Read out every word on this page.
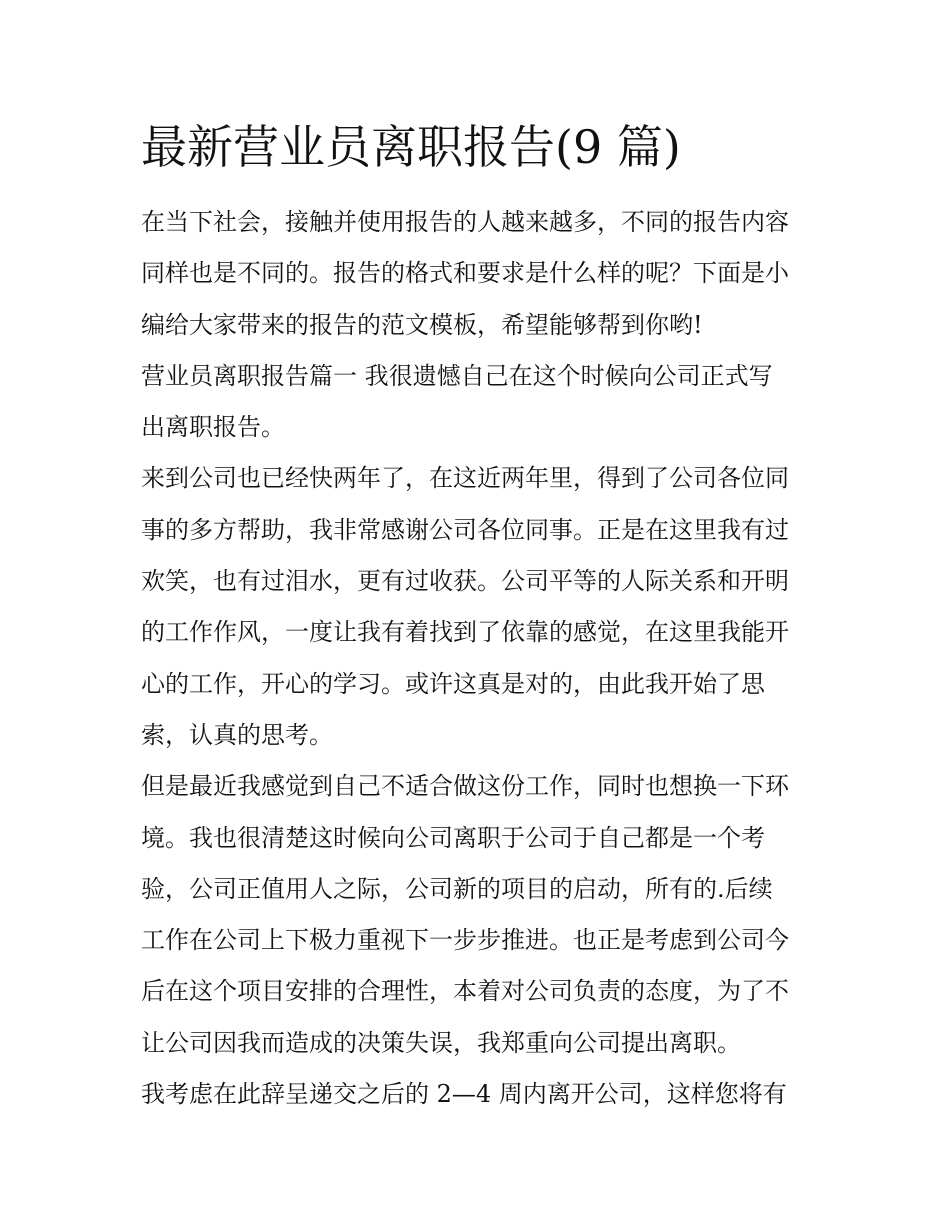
最新营业员离职报告(9 篇)
在当下社会，接触并使用报告的人越来越多，不同的报告内容
同样也是不同的。报告的格式和要求是什么样的呢？下面是小
编给大家带来的报告的范文模板，希望能够帮到你哟!
营业员离职报告篇一 我很遗憾自己在这个时候向公司正式写
出离职报告。
来到公司也已经快两年了，在这近两年里，得到了公司各位同
事的多方帮助，我非常感谢公司各位同事。正是在这里我有过
欢笑，也有过泪水，更有过收获。公司平等的人际关系和开明
的工作作风，一度让我有着找到了依靠的感觉，在这里我能开
心的工作，开心的学习。或许这真是对的，由此我开始了思
索，认真的思考。
但是最近我感觉到自己不适合做这份工作，同时也想换一下环
境。我也很清楚这时候向公司离职于公司于自己都是一个考
验，公司正值用人之际，公司新的项目的启动，所有的.后续
工作在公司上下极力重视下一步步推进。也正是考虑到公司今
后在这个项目安排的合理性，本着对公司负责的态度，为了不
让公司因我而造成的决策失误，我郑重向公司提出离职。
我考虑在此辞呈递交之后的 2—4 周内离开公司，这样您将有
